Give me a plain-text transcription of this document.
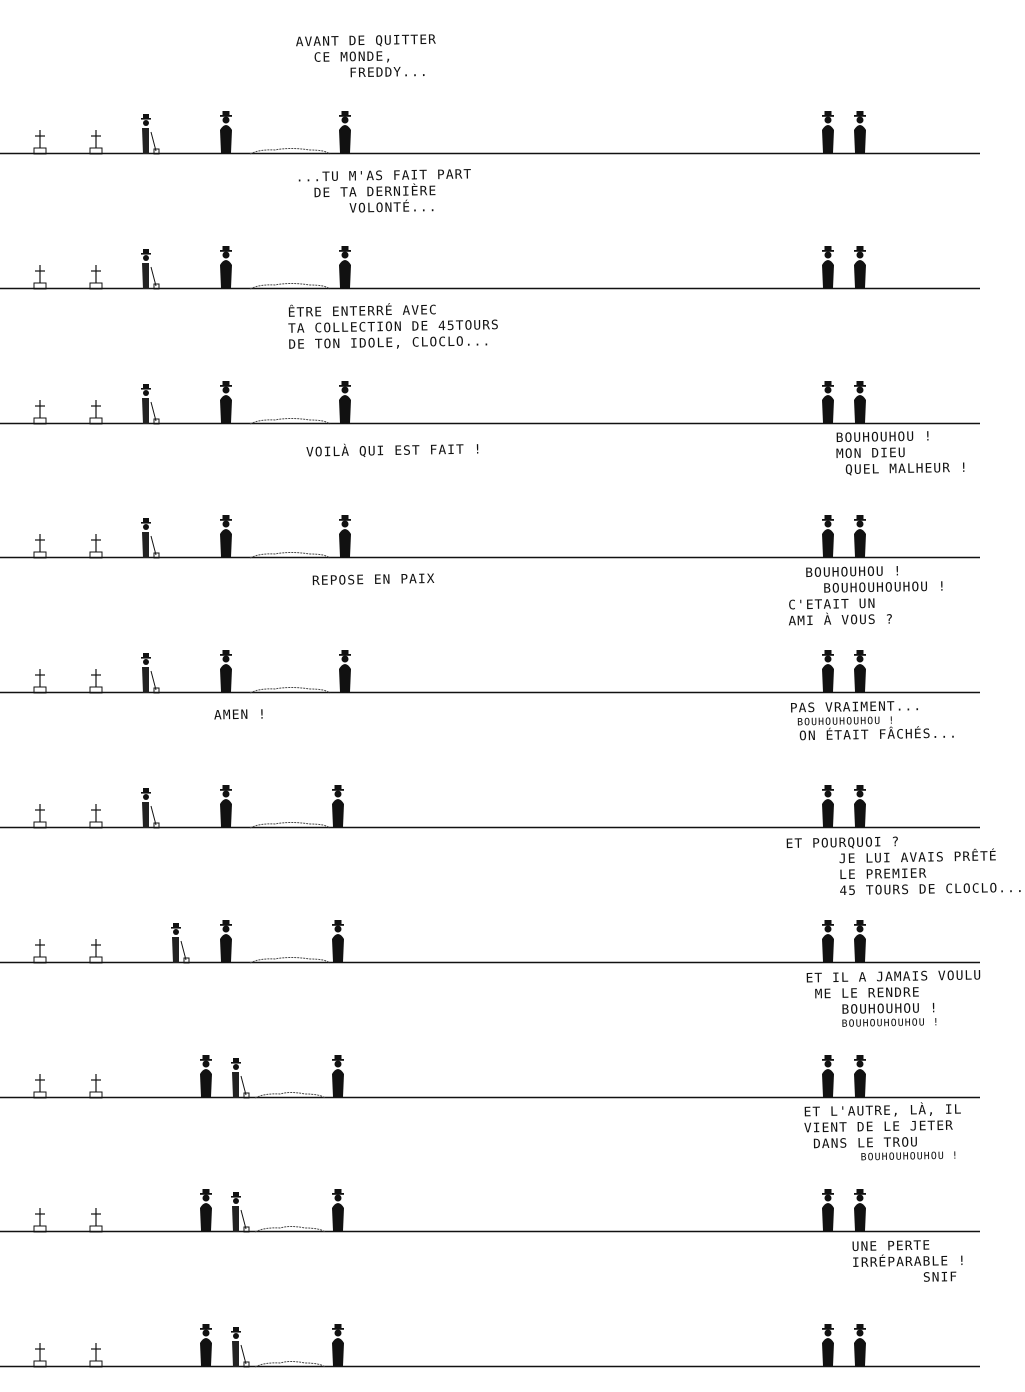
AVANT DE QUITTER
CE MONDE,
FREDDY...
...TU M'AS FAIT PART
DE TA DERNIÈRE
VOLONTÉ...
ÊTRE ENTERRÉ AVEC
TA COLLECTION DE 45TOURS
DE TON IDOLE, CLOCLO...
VOILÀ QUI EST FAIT !
BOUHOUHOU !
MON DIEU
QUEL MALHEUR !
REPOSE EN PAIX	BOUHOUHOU !
BOUHOUHOUHOU !
C'ETAIT UN
AMI À VOUS ?
AMEN !	PAS VRAIMENT...
BOUHOUHOUHOU !
ON ÉTAIT FÂCHÉS...
ET POURQUOI ?
JE LUI AVAIS PRÊTÉ
LE PREMIER
45 TOURS DE CLOCLO...
ET IL A JAMAIS VOULU
ME LE RENDRE
BOUHOUHOU !
BOUHOUHOUHOU !
ET L'AUTRE, LÀ, IL
VIENT DE LE JETER
DANS LE TROU
BOUHOUHOUHOU !
UNE PERTE
IRRÉPARABLE !
SNIF
